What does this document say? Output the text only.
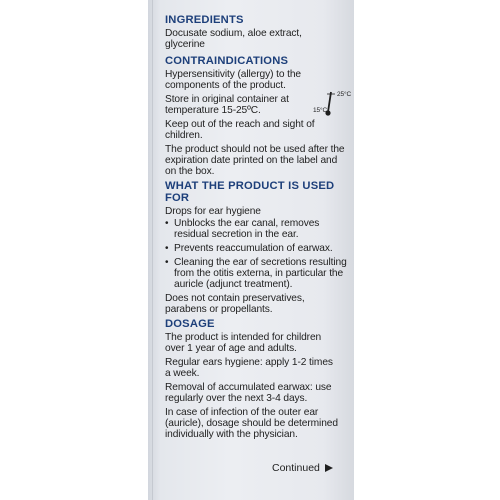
INGREDIENTS
Docusate sodium, aloe extract, glycerine
CONTRAINDICATIONS
Hypersensitivity (allergy) to the components of the product.
Store in original container at temperature 15-25ºC.
25°C
15°C
Keep out of the reach and sight of children.
The product should not be used after the expiration date printed on the label and on the box.
WHAT THE PRODUCT IS USED FOR
Drops for ear hygiene
• Unblocks the ear canal, removes residual secretion in the ear.
• Prevents reaccumulation of earwax.
• Cleaning the ear of secretions resulting from the otitis externa, in particular the auricle (adjunct treatment).
Does not contain preservatives, parabens or propellants.
DOSAGE
The product is intended for children over 1 year of age and adults.
Regular ears hygiene: apply 1-2 times a week.
Removal of accumulated earwax: use regularly over the next 3-4 days.
In case of infection of the outer ear (auricle), dosage should be determined individually with the physician.
Continued
